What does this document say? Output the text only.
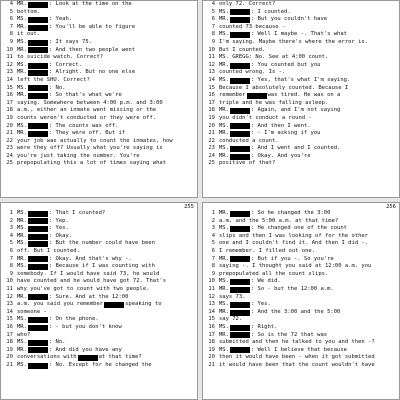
4 MR.	: Look at the time on the
5 bottom.
6 MS.	: Yeah.
7 MR.	: You'll be able to figure
8 it out.
9 MS.	: It says 75.
10 MR.	: And then two people went
11 to suicide watch. Correct?
12 MS.	: Correct.
13 MR.	: Alright. But no one else
14 left the SHU. Correct?
15 MS.	: No.
16 MR.	: So that's what we're
17 saying. Somewhere between 4:00 p.m. and 3:00
18 a.m., either an inmate went missing or the
19 counts weren't conducted or they were off.
20 MS.	: The counts was off.
21 MR.	: They were off. But if
22 your job was actually to count the inmates, how
23 were they off? Usually what you're saying is
24 you're just taking the number. You're
25 prepopulating this a lot of times saying what
4 only 72. Correct?
5 MS.	: I counted.
6 MR.	: But you couldn't have
7 counted 73 because -
8 MS.	: Well I maybe -. That's what
9 I'm saying. Maybe there's where the error is.
10 But I counted.
11 MS. GREGG: No. See at 4:00 count.
12 MR.	: You counted but you
13 counted wrong. Is -.
14 MS.	: Yes, that's what I'm saying.
15 Because I absolutely counted. Because I
16 remember	was tired. He was on a
17 triple and he was falling asleep.
18 MR.	: Again, and I'm not saying
19 you didn't conduct a round -
20 MS.	: And then I went.
21 MR.	: - I'm asking if you
22 conducted a count.
23 MS.	: And I went and I counted.
24 MR.	: Okay. And you're
25 positive of that?
255
1 MS.	: That I counted?
2 MR.	: Yep.
3 MS.	: Yes.
4 MR.	: Okay.
5 MS.	: But the number could have been
6 off. But I counted.
7 MR.	: Okay. And that's why -.
8 MS.	: Because if I was counting with
9 somebody. If I would have said 73, he would
10 have counted and he would have got 72. That's
11 why you've got to count with two people.
12 MR.	: Sure. And at the 12:00
13 a.m. you said you remember	speaking to
14 someone -
15 MS.	: On the phone.
16 MR.	: - but you don't know
17 who?
18 MS.	: No.
19 MR.	: And did you have any
20 conversations with	at that time?
21 MS.	: No. Except for he changed the
256
1 MR.	: So he changed the 3:00
2 a.m. and the 5:00 a.m. at that time?
3 MS.	: He changed one of the count
4 slips and then I was looking of for the other
5 one and I couldn't find it. And then I did -.
6 I remember. I filled out one.
7 MR.	: But if you -. So you're
8 saying -. I thought you said at 12:00 a.m. you
9 prepopulated all the count slips.
10 MS.	: We did.
11 MR.	: So - but the 12:00 a.m.
12 says 73.
13 MS.	: Yes.
14 MR.	: And the 3:00 and the 5:00
15 say 72.
16 MS.	: Right.
17 MR.	: So is the 72 that was
18 submitted and then he talked to you and then -?
19 MS.	: Well I believe that because
20 then it would have been - when it got submitted
21 it would have been that the count wouldn't have
